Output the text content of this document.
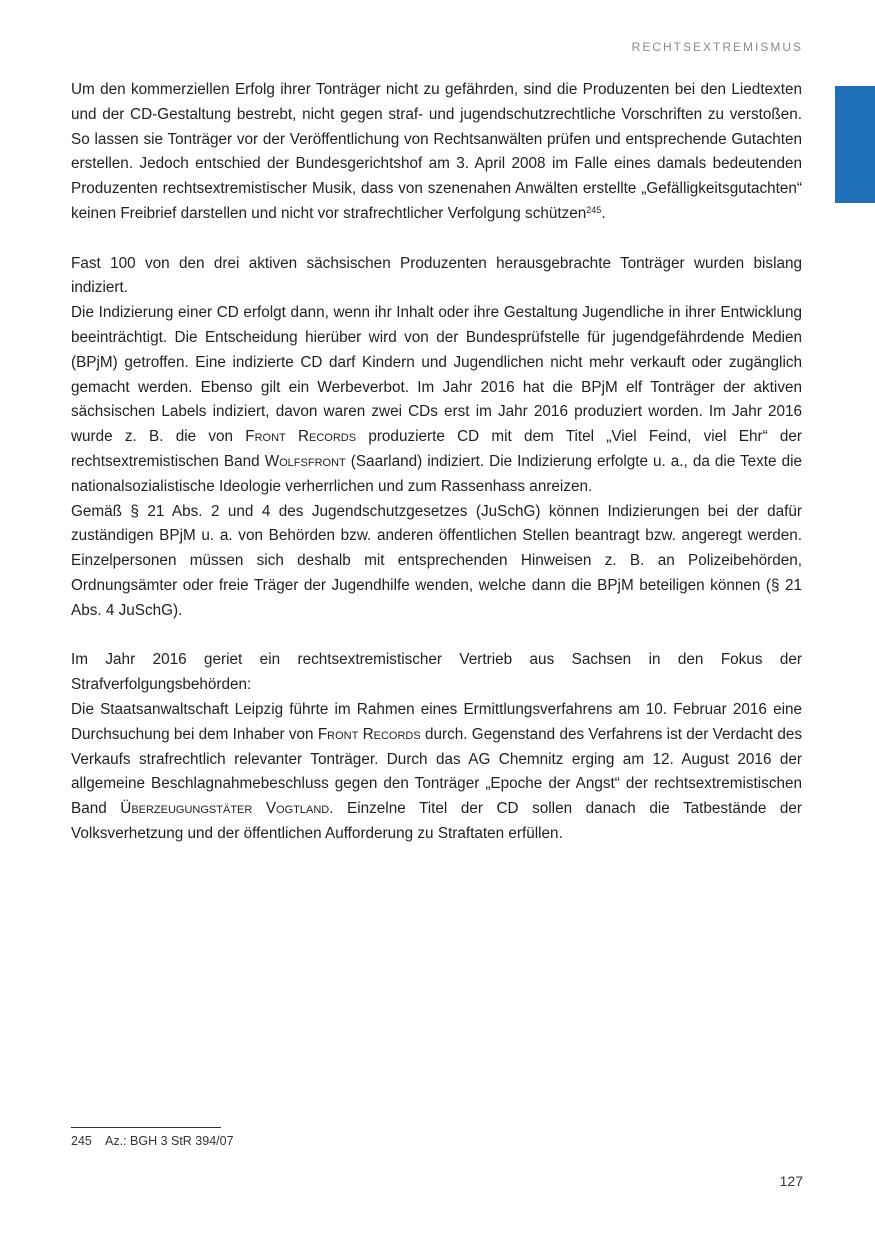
RECHTSEXTREMISMUS

Um den kommerziellen Erfolg ihrer Tonträger nicht zu gefährden, sind die Produzenten bei den Liedtexten und der CD-Gestaltung bestrebt, nicht gegen straf- und jugendschutzrechtliche Vorschriften zu verstoßen. So lassen sie Tonträger vor der Veröffentlichung von Rechtsanwälten prüfen und entsprechende Gutachten erstellen. Jedoch entschied der Bundesgerichtshof am 3. April 2008 im Falle eines damals bedeutenden Produzenten rechtsextremistischer Musik, dass von szenenahen Anwälten erstellte „Gefälligkeitsgutachten“ keinen Freibrief darstellen und nicht vor strafrechtlicher Verfolgung schützen$^{245}$.

Fast 100 von den drei aktiven sächsischen Produzenten herausgebrachte Tonträger wurden bislang indiziert.

Die Indizierung einer CD erfolgt dann, wenn ihr Inhalt oder ihre Gestaltung Jugendliche in ihrer Entwicklung beeinträchtigt. Die Entscheidung hierüber wird von der Bundesprüfstelle für jugendgefährdende Medien (BPjM) getroffen. Eine indizierte CD darf Kindern und Jugendlichen nicht mehr verkauft oder zugänglich gemacht werden. Ebenso gilt ein Werbeverbot. Im Jahr 2016 hat die BPjM elf Tonträger der aktiven sächsischen Labels indiziert, davon waren zwei CDs erst im Jahr 2016 produziert worden. Im Jahr 2016 wurde z. B. die von Front Records produzierte CD mit dem Titel „Viel Feind, viel Ehr“ der rechtsextremistischen Band Wolfsfront (Saarland) indiziert. Die Indizierung erfolgte u. a., da die Texte die nationalsozialistische Ideologie verherrlichen und zum Rassenhass anreizen.

Gemäß § 21 Abs. 2 und 4 des Jugendschutzgesetzes (JuSchG) können Indizierungen bei der dafür zuständigen BPjM u. a. von Behörden bzw. anderen öffentlichen Stellen beantragt bzw. angeregt werden. Einzelpersonen müssen sich deshalb mit entsprechenden Hinweisen z. B. an Polizeibehörden, Ordnungsämter oder freie Träger der Jugendhilfe wenden, welche dann die BPjM beteiligen können (§ 21 Abs. 4 JuSchG).

Im Jahr 2016 geriet ein rechtsextremistischer Vertrieb aus Sachsen in den Fokus der Strafverfolgungsbehörden:

Die Staatsanwaltschaft Leipzig führte im Rahmen eines Ermittlungsverfahrens am 10. Februar 2016 eine Durchsuchung bei dem Inhaber von Front Records durch. Gegenstand des Verfahrens ist der Verdacht des Verkaufs strafrechtlich relevanter Tonträger. Durch das AG Chemnitz erging am 12. August 2016 der allgemeine Beschlagnahmebeschluss gegen den Tonträger „Epoche der Angst“ der rechtsextremistischen Band Überzeugungstäter Vogtland. Einzelne Titel der CD sollen danach die Tatbestände der Volksverhetzung und der öffentlichen Aufforderung zu Straftaten erfüllen.

245 Az.: BGH 3 StR 394/07
127
